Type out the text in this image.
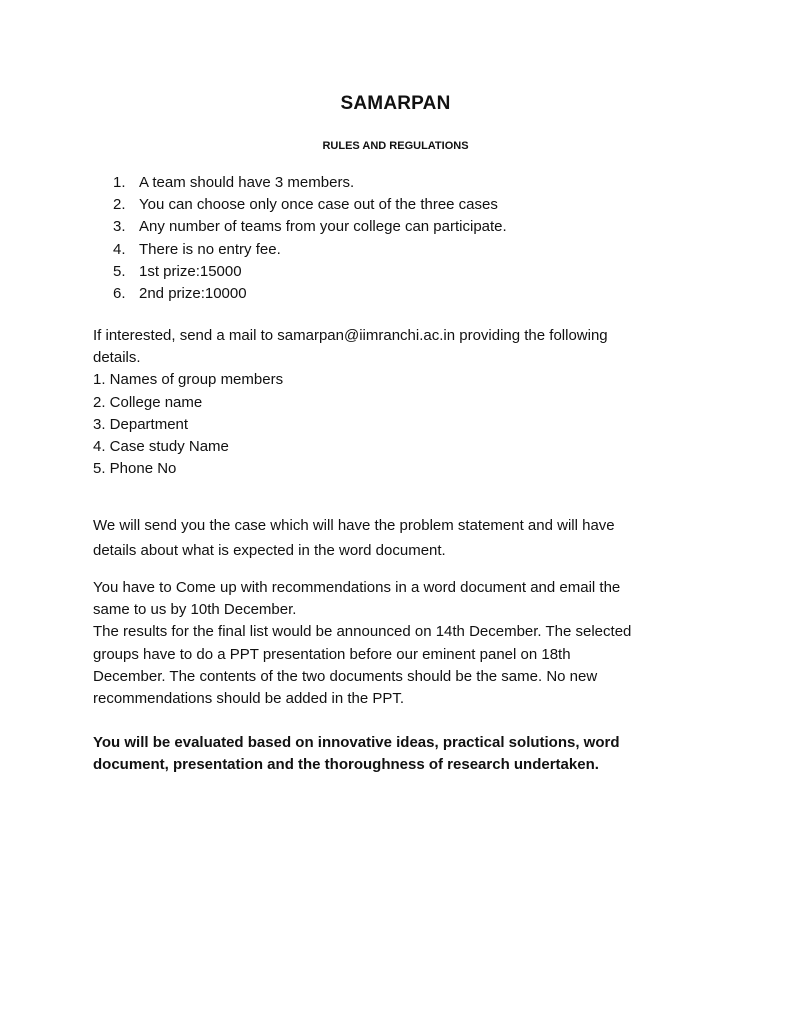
SAMARPAN
RULES AND REGULATIONS
1. A team should have 3 members.
2. You can choose only once case out of the three cases
3. Any number of teams from your college can participate.
4. There is no entry fee.
5. 1st prize:15000
6. 2nd prize:10000
If interested, send a mail to samarpan@iimranchi.ac.in providing the following
details.
1. Names of group members
2. College name
3. Department
4. Case study Name
5. Phone No
We will send you the case which will have the problem statement and will have
details about what is expected in the word document.
You have to Come up with recommendations in a word document and email the
same to us by 10th December.
The results for the final list would be announced on 14th December. The selected
groups have to do a PPT presentation before our eminent panel on 18th
December. The contents of the two documents should be the same. No new
recommendations should be added in the PPT.
You will be evaluated based on innovative ideas, practical solutions, word
document, presentation and the thoroughness of research undertaken.
